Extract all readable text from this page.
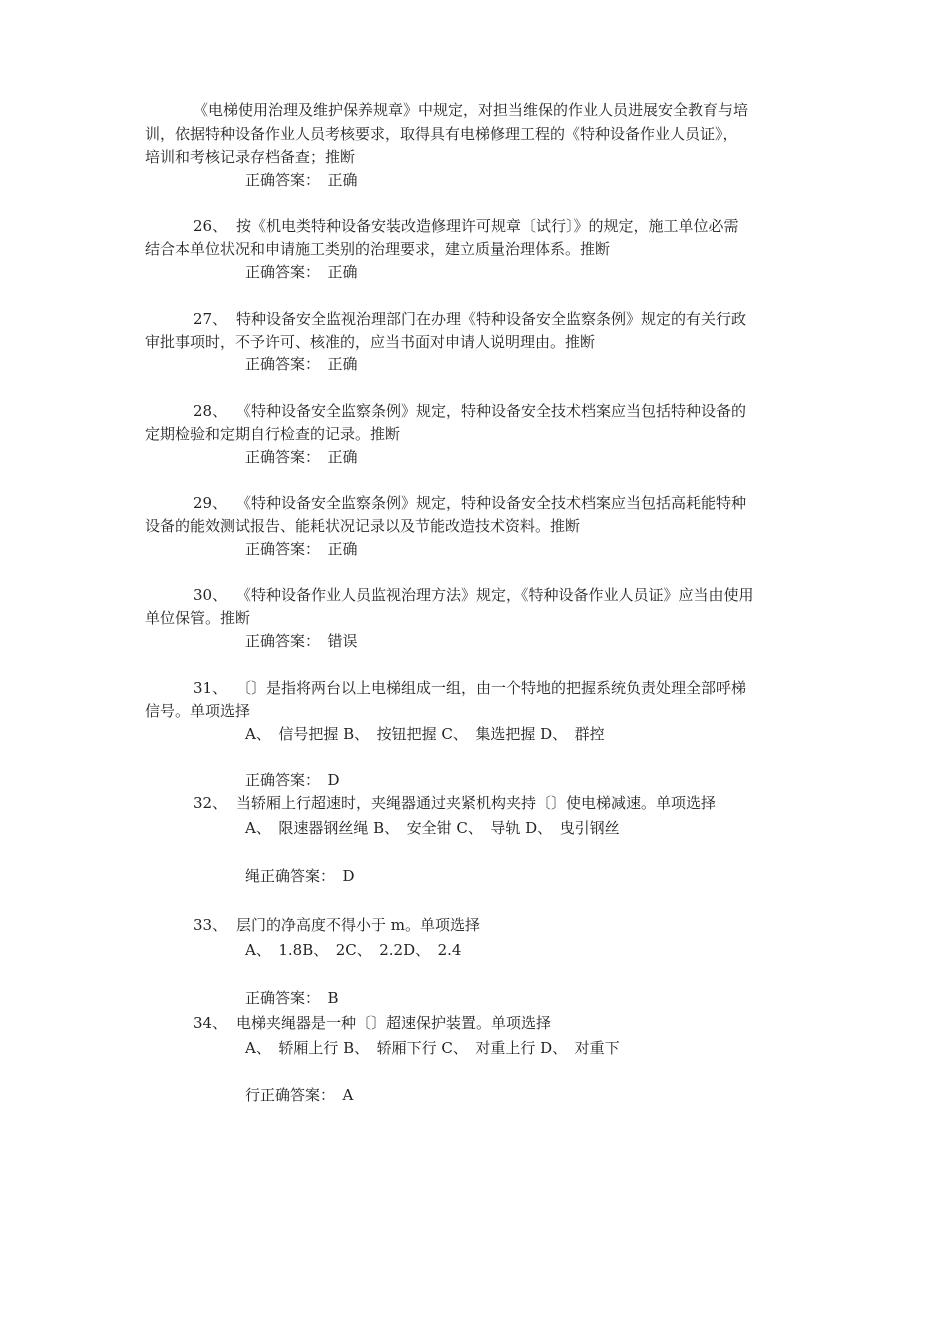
《电梯使用治理及维护保养规章》中规定，对担当维保的作业人员进展安全教育与培
训，依据特种设备作业人员考核要求，取得具有电梯修理工程的《特种设备作业人员证》，
培训和考核记录存档备查；推断
正确答案：　正确
26、 按《机电类特种设备安装改造修理许可规章〔试行〕》的规定，施工单位必需
结合本单位状况和申请施工类别的治理要求，建立质量治理体系。推断
正确答案：　正确
27、 特种设备安全监视治理部门在办理《特种设备安全监察条例》规定的有关行政
审批事项时，不予许可、核准的，应当书面对申请人说明理由。推断
正确答案：　正确
28、 《特种设备安全监察条例》规定，特种设备安全技术档案应当包括特种设备的
定期检验和定期自行检查的记录。推断
正确答案：　正确
29、 《特种设备安全监察条例》规定，特种设备安全技术档案应当包括高耗能特种
设备的能效测试报告、能耗状况记录以及节能改造技术资料。推断
正确答案：　正确
30、 《特种设备作业人员监视治理方法》规定，《特种设备作业人员证》应当由使用
单位保管。推断
正确答案：　错误
31、 〔〕是指将两台以上电梯组成一组，由一个特地的把握系统负责处理全部呼梯
信号。单项选择
A、　信号把握 B、　按钮把握 C、　集选把握 D、　群控
正确答案：　D
32、 当轿厢上行超速时，夹绳器通过夹紧机构夹持〔〕使电梯减速。单项选择
A、　限速器钢丝绳 B、　安全钳 C、　导轨 D、　曳引钢丝
绳正确答案：　D
33、 层门的净高度不得小于 m。单项选择
A、　1.8B、　2C、　2.2D、　2.4
正确答案：　B
34、 电梯夹绳器是一种〔〕超速保护装置。单项选择
A、　轿厢上行 B、　轿厢下行 C、　对重上行 D、　对重下
行正确答案：　A
